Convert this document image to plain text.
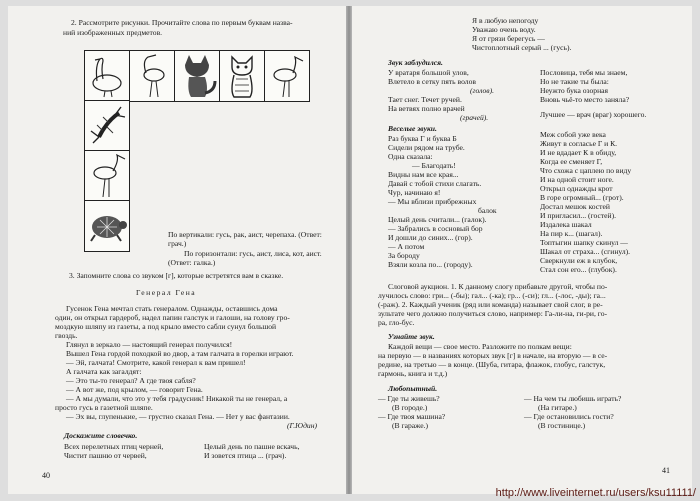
2. Рассмотрите рисунки. Прочитайте слова по первым буквам назва-
ний изображенных предметов.
По вертикали: гусь, рак, аист, черепаха. (Ответ:
грач.)
По горизонтали: гусь, аист, лиса, кот, аист.
(Ответ: галка.)
3. Запомните слова со звуком [г], которые встретятся вам в сказке.
Генерал Гена
Гусенок Гена мечтал стать генералом. Однажды, оставшись дома
один, он открыл гардероб, надел папин галстук и галоши, на голову гро-
моздкую шляпу из газеты, а под крыло вместо сабли сунул большой
гвоздь.
Глянул в зеркало — настоящий генерал получился!
Вышел Гена гордой походкой во двор, а там галчата в горелки играют.
— Эй, галчата! Смотрите, какой генерал к вам пришел!
А галчата как загалдят:
— Это ты-то генерал? А где твоя сабля?
— А вот же, под крылом, — говорит Гена.
— А мы думали, что это у тебя градусник! Никакой ты не генерал, а
просто гусь в газетной шляпе.
— Эх вы, глупенькие, — грустно сказал Гена. — Нет у вас фантазии.
(Г.Юдин)
Доскажите словечко.
Всех перелетных птиц черней,
Чистит пашню от червей,
Целый день по пашне вскачь,
И зовется птица ... (грач).
40
Я в любую непогоду
Уважаю очень воду.
Я от грязи берегусь —
Чистоплотный серый ... (гусь).
Звук заблудился.
У вратаря большой улов,
Влетело в сетку пять волов
(голов).
Тает снег. Течет ручей.
На ветвях полно врачей
(грачей).
Пословица, тебя мы знаем,
Но не такие ты была:
Неужто бука озорная
Вновь чьё-то место заняла?
Лучшее — врач (враг) хорошего.
Веселые звуки.
Раз буква Г и буква Б
Сидели рядом на трубе.
Одна сказала:
— Благодать!
Видны нам все края...
Давай с тобой стихи слагать.
Чур, начинаю я!
— Мы вблизи прибрежных
балок
Целый день считали... (галок).
— Забрались в сосновый бор
И дошли до синих... (гор).
— А потом
За бороду
Взяли козла по... (городу).
Меж собой уже века
Живут в согласье Г и К.
И не вдадает К в обиду,
Когда ее сменяет Г,
Что схожа с цаплею по виду
И на одной стоит ноге.
Открыл однажды крот
В горе огромный... (грот).
Достал мешок костей
И пригласил... (гостей).
Издалека шакал
На пир к... (шагал).
Топтыгин шапку скинул —
Шакал от страха... (сгинул).
Сверкнули еж в клубок,
Стал сон его... (глубок).
Слоговой аукцион. 1. К данному слогу прибавьте другой, чтобы по-
лучилось слово: гри... (-бы); гал... (-ка); гр... (-си); гл... (-лос, -ды); га...
(-раж). 2. Каждый ученик (ряд или команда) называет свой слог, в ре-
зультате чего должно получиться слово, например: Га-ли-на, ги-ри, го-
ра, гло-бус.
Узнайте звук.
Каждой вещи — свое место. Разложите по полкам вещи:
на первую — в названиях которых звук [г] в начале, на вторую — в се-
редине, на третью — в конце. (Шуба, гитара, флажок, глобус, галстук,
гармонь, книга и т.д.)
Любопытный.
— Где ты живешь?
(В городе.)
— Где твоя машина?
(В гараже.)
— На чем ты любишь играть?
(На гитаре.)
— Где остановились гости?
(В гостинице.)
41
http://www.liveinternet.ru/users/ksu11111/
